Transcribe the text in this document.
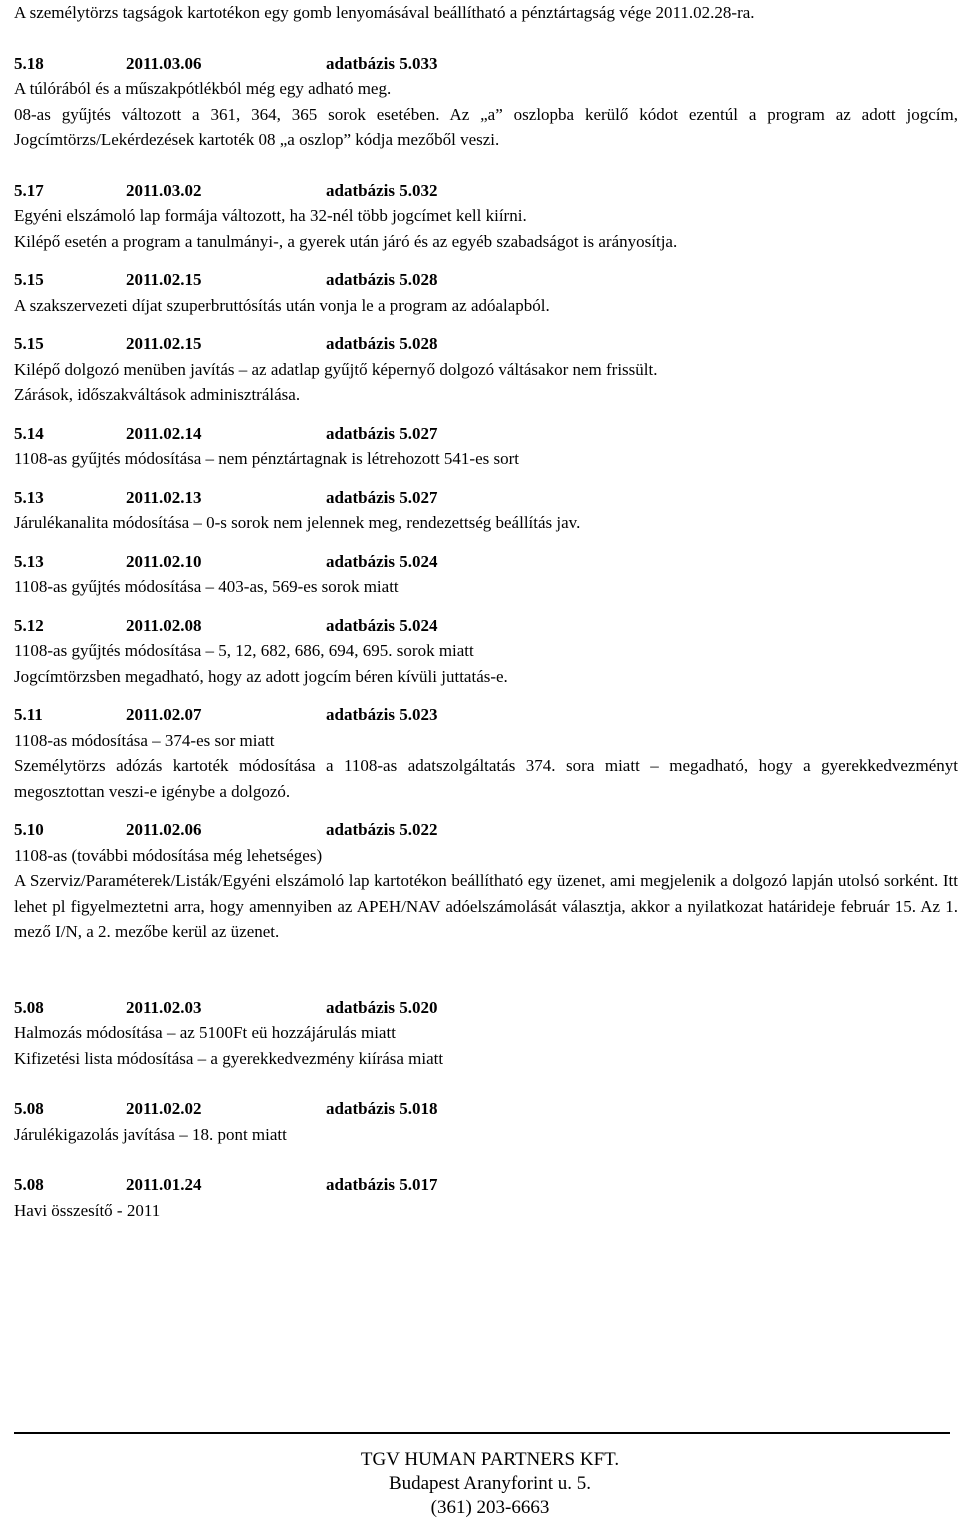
A személytörzs tagságok kartotékon egy gomb lenyomásával beállítható a pénztártagság vége 2011.02.28-ra.

5.18	2011.03.06	adatbázis 5.033

A túlórából és a műszakpótlékból még egy adható meg.

08-as gyűjtés változott a 361, 364, 365 sorok esetében. Az „a” oszlopba kerülő kódot ezentúl a program az adott jogcím, Jogcímtörzs/Lekérdezések kartoték 08 „a oszlop” kódja mezőből veszi.

5.17	2011.03.02	adatbázis 5.032

Egyéni elszámoló lap formája változott, ha 32-nél több jogcímet kell kiírni.

Kilépő esetén a program a tanulmányi-, a gyerek után járó és az egyéb szabadságot is arányosítja.

5.15	2011.02.15	adatbázis 5.028

A szakszervezeti díjat szuperbruttósítás után vonja le a program az adóalapból.

5.15	2011.02.15	adatbázis 5.028

Kilépő dolgozó menüben javítás – az adatlap gyűjtő képernyő dolgozó váltásakor nem frissült.

Zárások, időszakváltások adminisztrálása.

5.14	2011.02.14	adatbázis 5.027

1108-as gyűjtés módosítása – nem pénztártagnak is létrehozott 541-es sort

5.13	2011.02.13	adatbázis 5.027

Járulékanalita módosítása – 0-s sorok nem jelennek meg, rendezettség beállítás jav.

5.13	2011.02.10	adatbázis 5.024

1108-as gyűjtés módosítása – 403-as, 569-es sorok miatt

5.12	2011.02.08	adatbázis 5.024

1108-as gyűjtés módosítása – 5, 12, 682, 686, 694, 695. sorok miatt

Jogcímtörzsben megadható, hogy az adott jogcím béren kívüli juttatás-e.

5.11	2011.02.07	adatbázis 5.023

1108-as módosítása – 374-es sor miatt

Személytörzs adózás kartoték módosítása a 1108-as adatszolgáltatás 374. sora miatt – megadható, hogy a gyerekkedvezményt megosztottan veszi-e igénybe a dolgozó.

5.10	2011.02.06	adatbázis 5.022

1108-as (további módosítása még lehetséges)

A Szerviz/Paraméterek/Listák/Egyéni elszámoló lap kartotékon beállítható egy üzenet, ami megjelenik a dolgozó lapján utolsó sorként. Itt lehet pl figyelmeztetni arra, hogy amennyiben az APEH/NAV adóelszámolását választja, akkor a nyilatkozat határideje február 15. Az 1. mező I/N, a 2. mezőbe kerül az üzenet.

5.08	2011.02.03	adatbázis 5.020

Halmozás módosítása – az 5100Ft eü hozzájárulás miatt

Kifizetési lista módosítása – a gyerekkedvezmény kiírása miatt

5.08	2011.02.02	adatbázis 5.018

Járulékigazolás javítása – 18. pont miatt

5.08	2011.01.24	adatbázis 5.017

Havi összesítő - 2011

TGV HUMAN PARTNERS KFT.
Budapest Aranyforint u. 5.
(361) 203-6663
